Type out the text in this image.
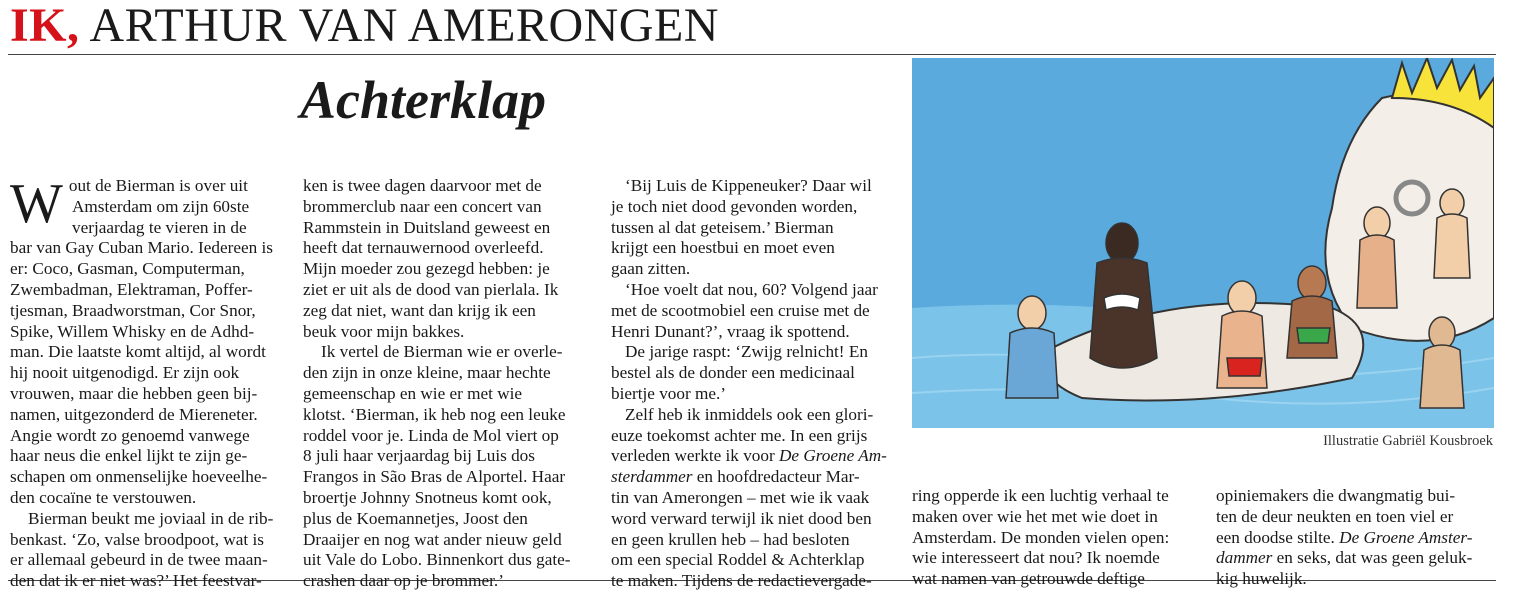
IK, ARTHUR VAN AMERONGEN
Achterklap
W out de Bierman is over uit

Amsterdam om zijn 60ste

verjaardag te vieren in de

bar van Gay Cuban Mario. Iedereen is

er: Coco, Gasman, Computerman,

Zwembadman, Elektraman, Poffer-

tjesman, Braadworstman, Cor Snor,

Spike, Willem Whisky en de Adhd-

man. Die laatste komt altijd, al wordt

hij nooit uitgenodigd. Er zijn ook

vrouwen, maar die hebben geen bij-

namen, uitgezonderd de Miereneter.

Angie wordt zo genoemd vanwege

haar neus die enkel lijkt te zijn ge-

schapen om onmenselijke hoeveelhe-

den cocaïne te verstouwen.

Bierman beukt me joviaal in de rib-

benkast. ‘Zo, valse broodpoot, wat is

er allemaal gebeurd in de twee maan-

den dat ik er niet was?’ Het feestvar-

ken is twee dagen daarvoor met de

brommerclub naar een concert van

Rammstein in Duitsland geweest en

heeft dat ternauwernood overleefd.

Mijn moeder zou gezegd hebben: je

ziet er uit als de dood van pierlala. Ik

zeg dat niet, want dan krijg ik een

beuk voor mijn bakkes.

Ik vertel de Bierman wie er overle-

den zijn in onze kleine, maar hechte

gemeenschap en wie er met wie

klotst. ‘Bierman, ik heb nog een leuke

roddel voor je. Linda de Mol viert op

8 juli haar verjaardag bij Luis dos

Frangos in São Bras de Alportel. Haar

broertje Johnny Snotneus komt ook,

plus de Koemannetjes, Joost den

Draaijer en nog wat ander nieuw geld

uit Vale do Lobo. Binnenkort dus gate-

crashen daar op je brommer.’

‘Bij Luis de Kippeneuker? Daar wil

je toch niet dood gevonden worden,

tussen al dat geteisem.’ Bierman

krijgt een hoestbui en moet even

gaan zitten.

‘Hoe voelt dat nou, 60? Volgend jaar

met de scootmobiel een cruise met de

Henri Dunant?’, vraag ik spottend.

De jarige raspt: ‘Zwijg relnicht! En

bestel als de donder een medicinaal

biertje voor me.’

Zelf heb ik inmiddels ook een glori-

euze toekomst achter me. In een grijs

verleden werkte ik voor De Groene Am-

sterdammer en hoofdredacteur Mar-

tin van Amerongen – met wie ik vaak

word verward terwijl ik niet dood ben

en geen krullen heb – had besloten

om een special Roddel & Achterklap

te maken. Tijdens de redactievergade-

Illustratie Gabriël Kousbroek

ring opperde ik een luchtig verhaal te

maken over wie het met wie doet in

Amsterdam. De monden vielen open:

wie interesseert dat nou? Ik noemde

wat namen van getrouwde deftige

opiniemakers die dwangmatig bui-

ten de deur neukten en toen viel er

een doodse stilte. De Groene Amster-

dammer en seks, dat was geen geluk-

kig huwelijk.
